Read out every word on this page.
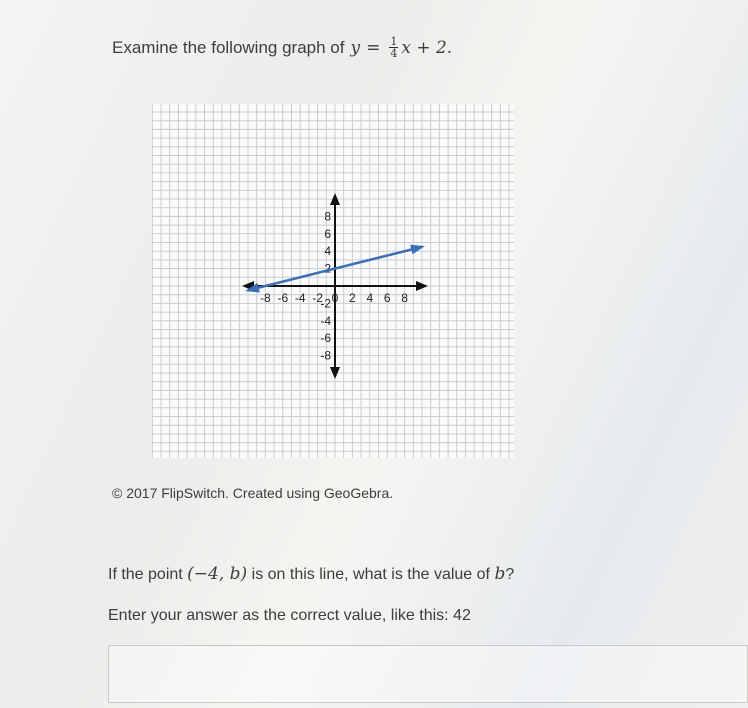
Examine the following graph of $y = \frac{1}{4}$ x + 2.
-8 -6 -4 -2 0 2 4 6 8
8
6
4
2
-2
-4
-6
-8
© 2017 FlipSwitch. Created using GeoGebra.
If the point (−4, b) is on this line, what is the value of b?
Enter your answer as the correct value, like this: 42
